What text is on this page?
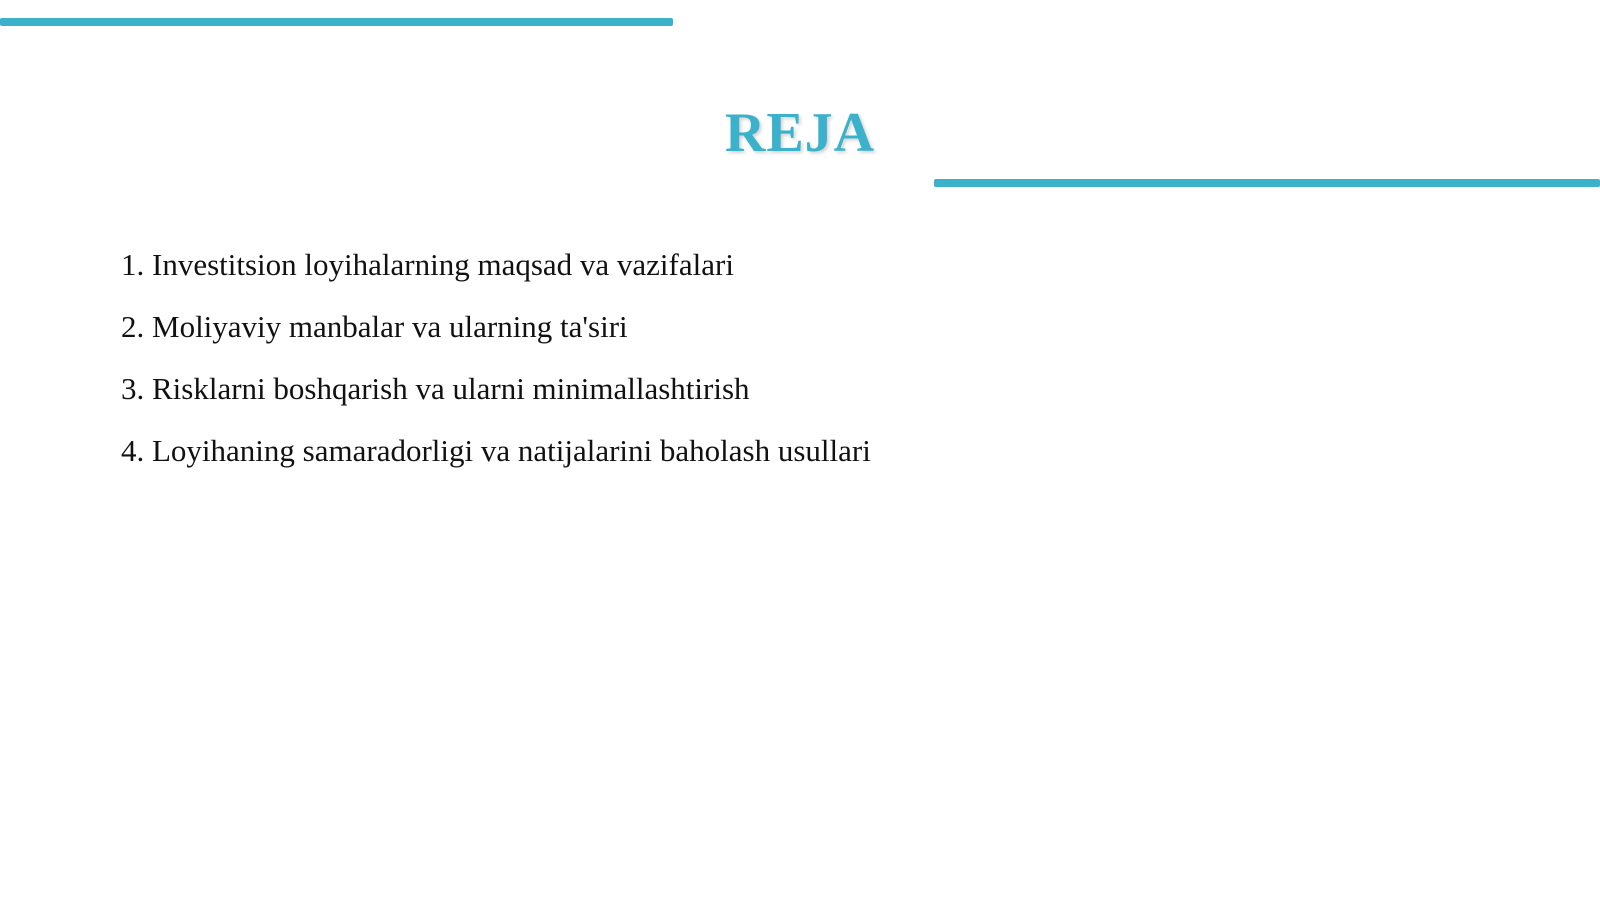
REJA
1. Investitsion loyihalarning maqsad va vazifalari
2. Moliyaviy manbalar va ularning ta'siri
3. Risklarni boshqarish va ularni minimallashtirish
4. Loyihaning samaradorligi va natijalarini baholash usullari
